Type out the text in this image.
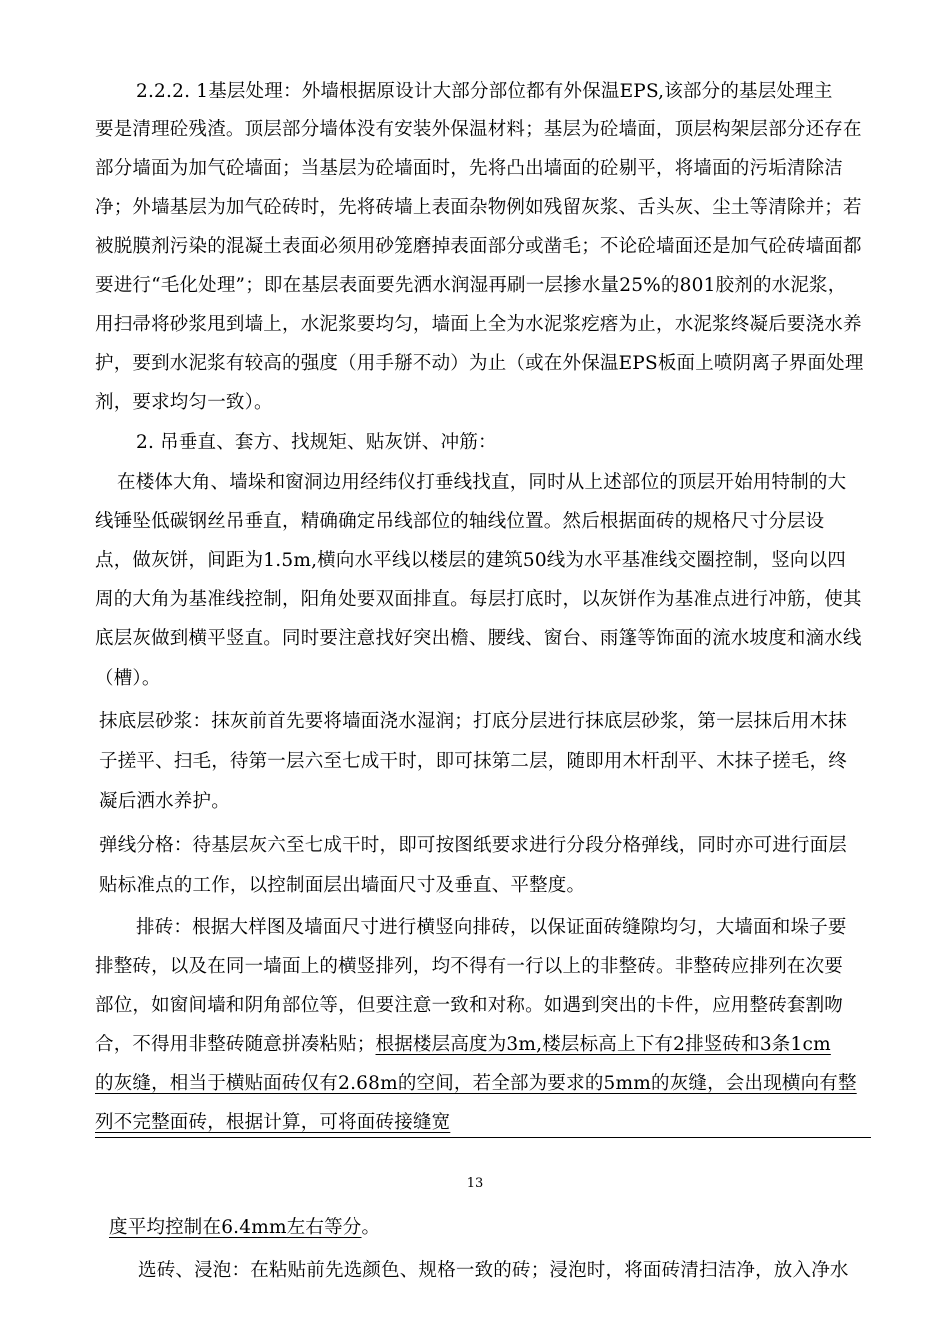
2.2.2. 1基层处理：外墙根据原设计大部分部位都有外保温EPS,该部分的基层处理主
要是清理砼残渣。顶层部分墙体没有安装外保温材料；基层为砼墙面，顶层构架层部分还存在
部分墙面为加气砼墙面；当基层为砼墙面时，先将凸出墙面的砼剔平，将墙面的污垢清除洁
净；外墙基层为加气砼砖时，先将砖墙上表面杂物例如残留灰浆、舌头灰、尘土等清除并；若
被脱膜剂污染的混凝土表面必须用砂笼磨掉表面部分或凿毛；不论砼墙面还是加气砼砖墙面都
要进行“毛化处理”；即在基层表面要先洒水润湿再刷一层掺水量25%的801胶剂的水泥浆，
用扫帚将砂浆甩到墙上，水泥浆要均匀，墙面上全为水泥浆疙瘩为止，水泥浆终凝后要浇水养
护，要到水泥浆有较高的强度（用手掰不动）为止（或在外保温EPS板面上喷阴离子界面处理
剂，要求均匀一致）。
2. 吊垂直、套方、找规矩、贴灰饼、冲筋：
在楼体大角、墙垛和窗洞边用经纬仪打垂线找直，同时从上述部位的顶层开始用特制的大
线锤坠低碳钢丝吊垂直，精确确定吊线部位的轴线位置。然后根据面砖的规格尺寸分层设
点，做灰饼，间距为1.5m,横向水平线以楼层的建筑50线为水平基准线交圈控制，竖向以四
周的大角为基准线控制，阳角处要双面排直。每层打底时，以灰饼作为基准点进行冲筋，使其
底层灰做到横平竖直。同时要注意找好突出檐、腰线、窗台、雨篷等饰面的流水坡度和滴水线
（槽）。
抹底层砂浆：抹灰前首先要将墙面浇水湿润；打底分层进行抹底层砂浆，第一层抹后用木抹
子搓平、扫毛，待第一层六至七成干时，即可抹第二层，随即用木杆刮平、木抹子搓毛，终
凝后洒水养护。
弹线分格：待基层灰六至七成干时，即可按图纸要求进行分段分格弹线，同时亦可进行面层
贴标准点的工作，以控制面层出墙面尺寸及垂直、平整度。
排砖：根据大样图及墙面尺寸进行横竖向排砖，以保证面砖缝隙均匀，大墙面和垛子要
排整砖，以及在同一墙面上的横竖排列，均不得有一行以上的非整砖。非整砖应排列在次要
部位，如窗间墙和阴角部位等，但要注意一致和对称。如遇到突出的卡件，应用整砖套割吻
合，不得用非整砖随意拼凑粘贴；根据楼层高度为3m,楼层标高上下有2排竖砖和3条1cm
的灰缝，相当于横贴面砖仅有2.68m的空间，若全部为要求的5mm的灰缝，会出现横向有整
列不完整面砖，根据计算，可将面砖接缝宽
13
度平均控制在6.4mm左右等分。
选砖、浸泡：在粘贴前先选颜色、规格一致的砖；浸泡时，将面砖清扫洁净，放入净水
